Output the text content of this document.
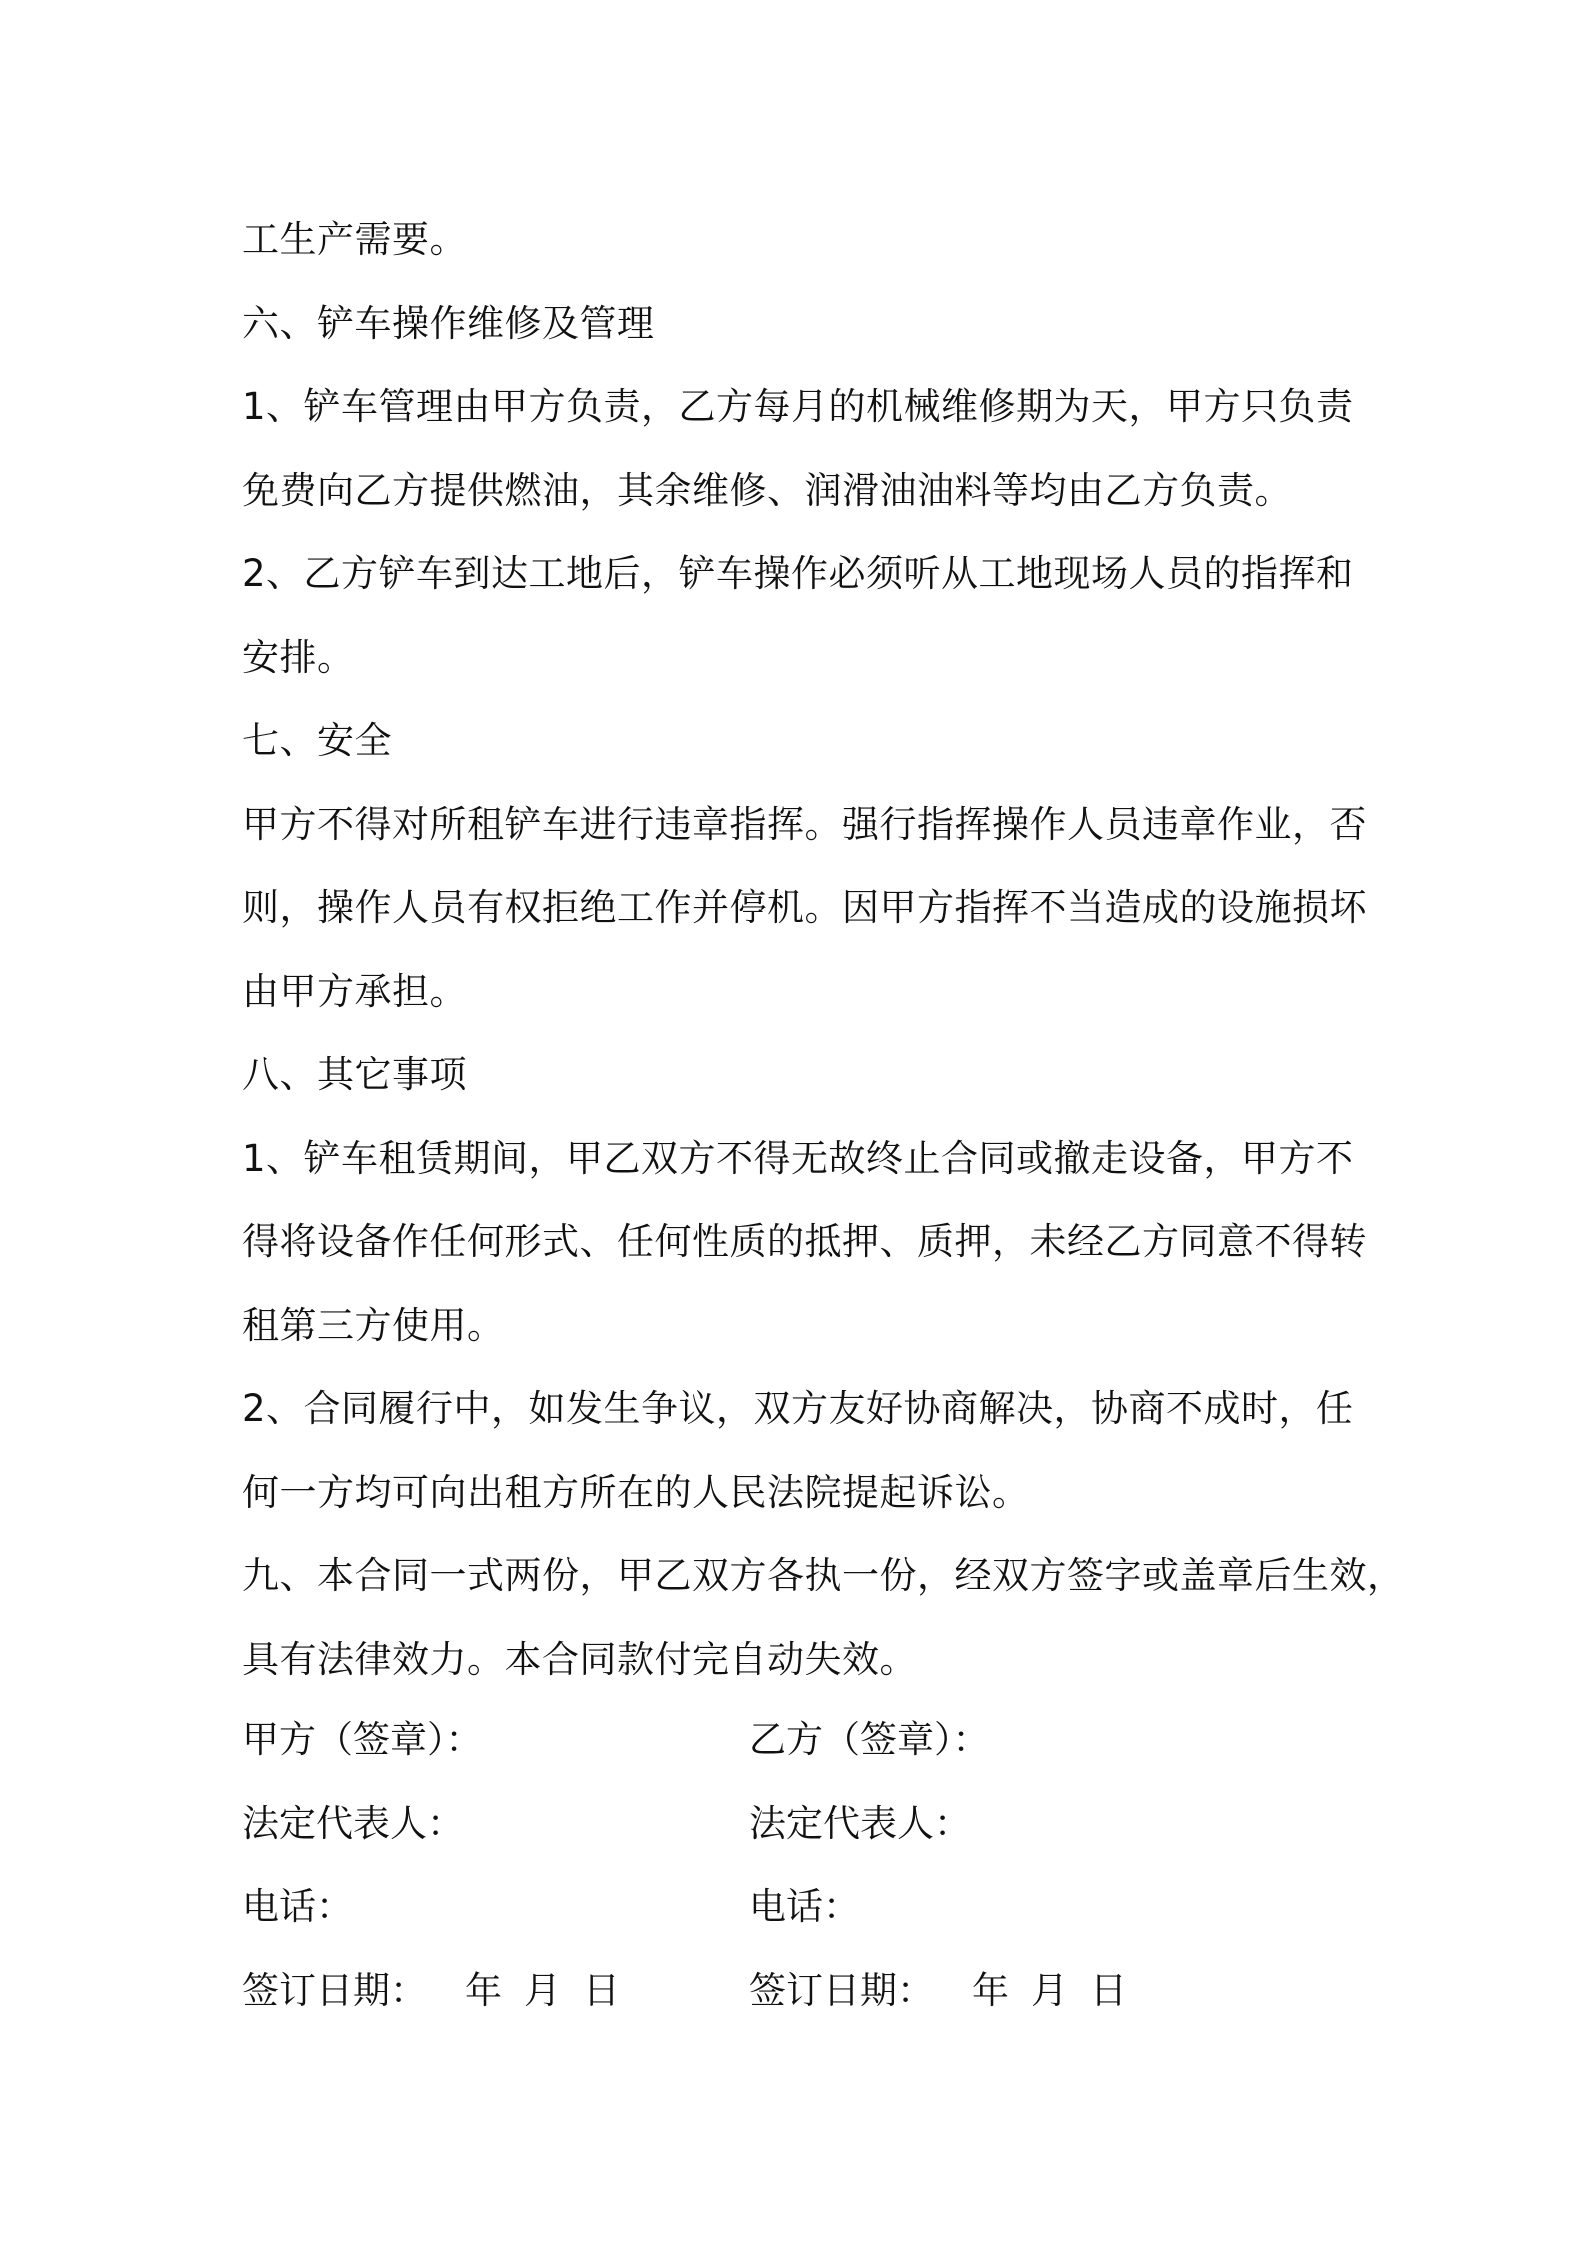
工生产需要。
六、铲车操作维修及管理
1、铲车管理由甲方负责，乙方每月的机械维修期为天，甲方只负责
免费向乙方提供燃油，其余维修、润滑油油料等均由乙方负责。
2、乙方铲车到达工地后，铲车操作必须听从工地现场人员的指挥和
安排。
七、安全
甲方不得对所租铲车进行违章指挥。强行指挥操作人员违章作业，否
则，操作人员有权拒绝工作并停机。因甲方指挥不当造成的设施损坏
由甲方承担。
八、其它事项
1、铲车租赁期间，甲乙双方不得无故终止合同或撤走设备，甲方不
得将设备作任何形式、任何性质的抵押、质押，未经乙方同意不得转
租第三方使用。
2、合同履行中，如发生争议，双方友好协商解决，协商不成时，任
何一方均可向出租方所在的人民法院提起诉讼。
九、本合同一式两份，甲乙双方各执一份，经双方签字或盖章后生效，
具有法律效力。本合同款付完自动失效。
甲方（签章）：	乙方（签章）：
法定代表人：	法定代表人：
电话：	电话：
签订日期： 年 月 日	签订日期： 年 月 日
